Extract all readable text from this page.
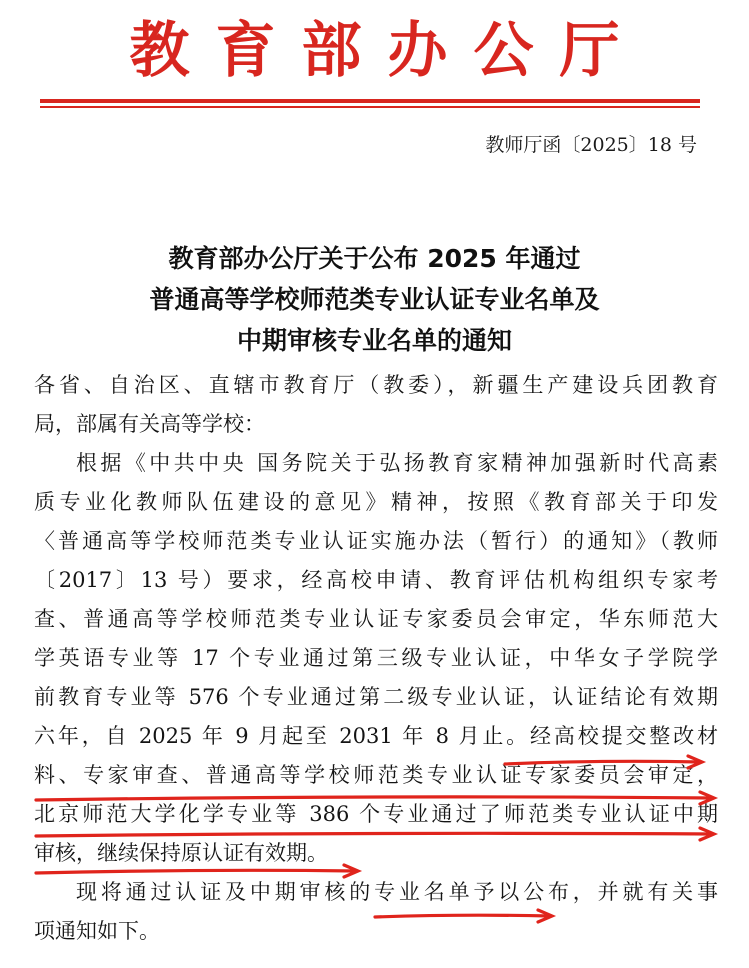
教育部办公厅
教师厅函〔2025〕18 号
教育部办公厅关于公布 2025 年通过
普通高等学校师范类专业认证专业名单及
中期审核专业名单的通知
各省、自治区、直辖市教育厅（教委），新疆生产建设兵团教育
局，部属有关高等学校：
根据《中共中央 国务院关于弘扬教育家精神加强新时代高素
质专业化教师队伍建设的意见》精神，按照《教育部关于印发
〈普通高等学校师范类专业认证实施办法（暂行）的通知》（教师
〔2017〕13 号）要求，经高校申请、教育评估机构组织专家考
查、普通高等学校师范类专业认证专家委员会审定，华东师范大
学英语专业等 17 个专业通过第三级专业认证，中华女子学院学
前教育专业等 576 个专业通过第二级专业认证，认证结论有效期
六年，自 2025 年 9 月起至 2031 年 8 月止。经高校提交整改材
料、专家审查、普通高等学校师范类专业认证专家委员会审定，
北京师范大学化学专业等 386 个专业通过了师范类专业认证中期
审核，继续保持原认证有效期。
现将通过认证及中期审核的专业名单予以公布，并就有关事
项通知如下。
